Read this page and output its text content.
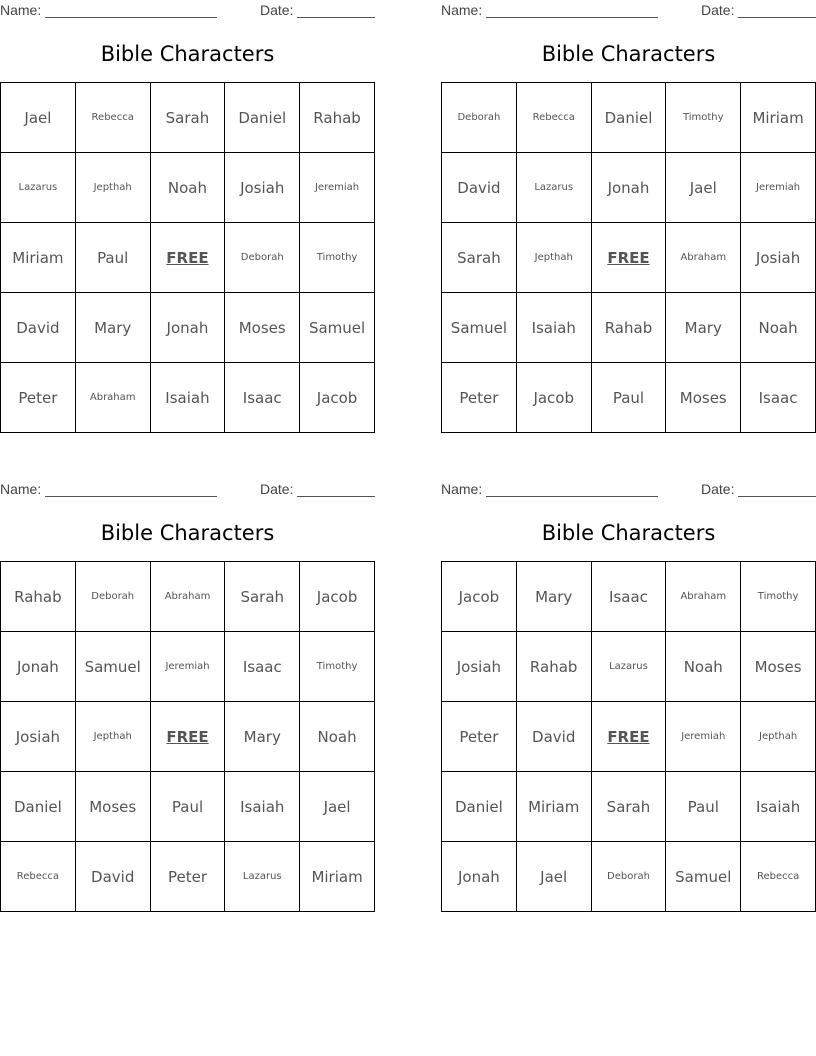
Name:	Date:
Bible Characters
Jael	Rebecca	Sarah	Daniel	Rahab
Lazarus	Jepthah	Noah	Josiah	Jeremiah
Miriam	Paul	FREE	Deborah	Timothy
David	Mary	Jonah	Moses	Samuel
Peter	Abraham	Isaiah	Isaac	Jacob
Name:	Date:
Bible Characters
Deborah	Rebecca	Daniel	Timothy	Miriam
David	Lazarus	Jonah	Jael	Jeremiah
Sarah	Jepthah	FREE	Abraham	Josiah
Samuel	Isaiah	Rahab	Mary	Noah
Peter	Jacob	Paul	Moses	Isaac
Name:	Date:
Bible Characters
Rahab	Deborah	Abraham	Sarah	Jacob
Jonah	Samuel	Jeremiah	Isaac	Timothy
Josiah	Jepthah	FREE	Mary	Noah
Daniel	Moses	Paul	Isaiah	Jael
Rebecca	David	Peter	Lazarus	Miriam
Name:	Date:
Bible Characters
Jacob	Mary	Isaac	Abraham	Timothy
Josiah	Rahab	Lazarus	Noah	Moses
Peter	David	FREE	Jeremiah	Jepthah
Daniel	Miriam	Sarah	Paul	Isaiah
Jonah	Jael	Deborah	Samuel	Rebecca
